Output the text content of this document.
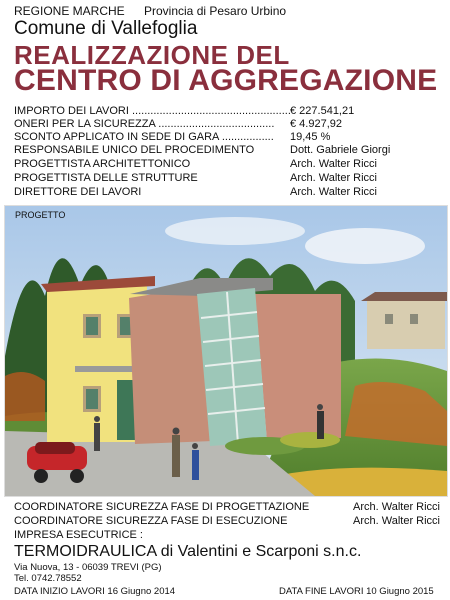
REGIONE MARCHE Provincia di Pesaro Urbino
Comune di Vallefoglia
REALIZZAZIONE DEL
CENTRO DI AGGREGAZIONE
IMPORTO DEI LAVORI .................................................... € 227.541,21
ONERI PER LA SICUREZZA ...................................... € 4.927,92
SCONTO APPLICATO IN SEDE DI GARA ................. 19,45 %
RESPONSABILE UNICO DEL PROCEDIMENTO	Dott. Gabriele Giorgi
PROGETTISTA ARCHITETTONICO	Arch. Walter Ricci
PROGETTISTA DELLE STRUTTURE	Arch. Walter Ricci
DIRETTORE DEI LAVORI	Arch. Walter Ricci
PROGETTO
COORDINATORE SICUREZZA FASE DI PROGETTAZIONE	Arch. Walter Ricci
COORDINATORE SICUREZZA FASE DI ESECUZIONE	Arch. Walter Ricci
IMPRESA ESECUTRICE :
TERMOIDRAULICA di Valentini e Scarponi s.n.c.
Via Nuova, 13 - 06039 TREVI (PG)
Tel. 0742.78552
DATA INIZIO LAVORI 16 Giugno 2014	DATA FINE LAVORI 10 Giugno 2015
